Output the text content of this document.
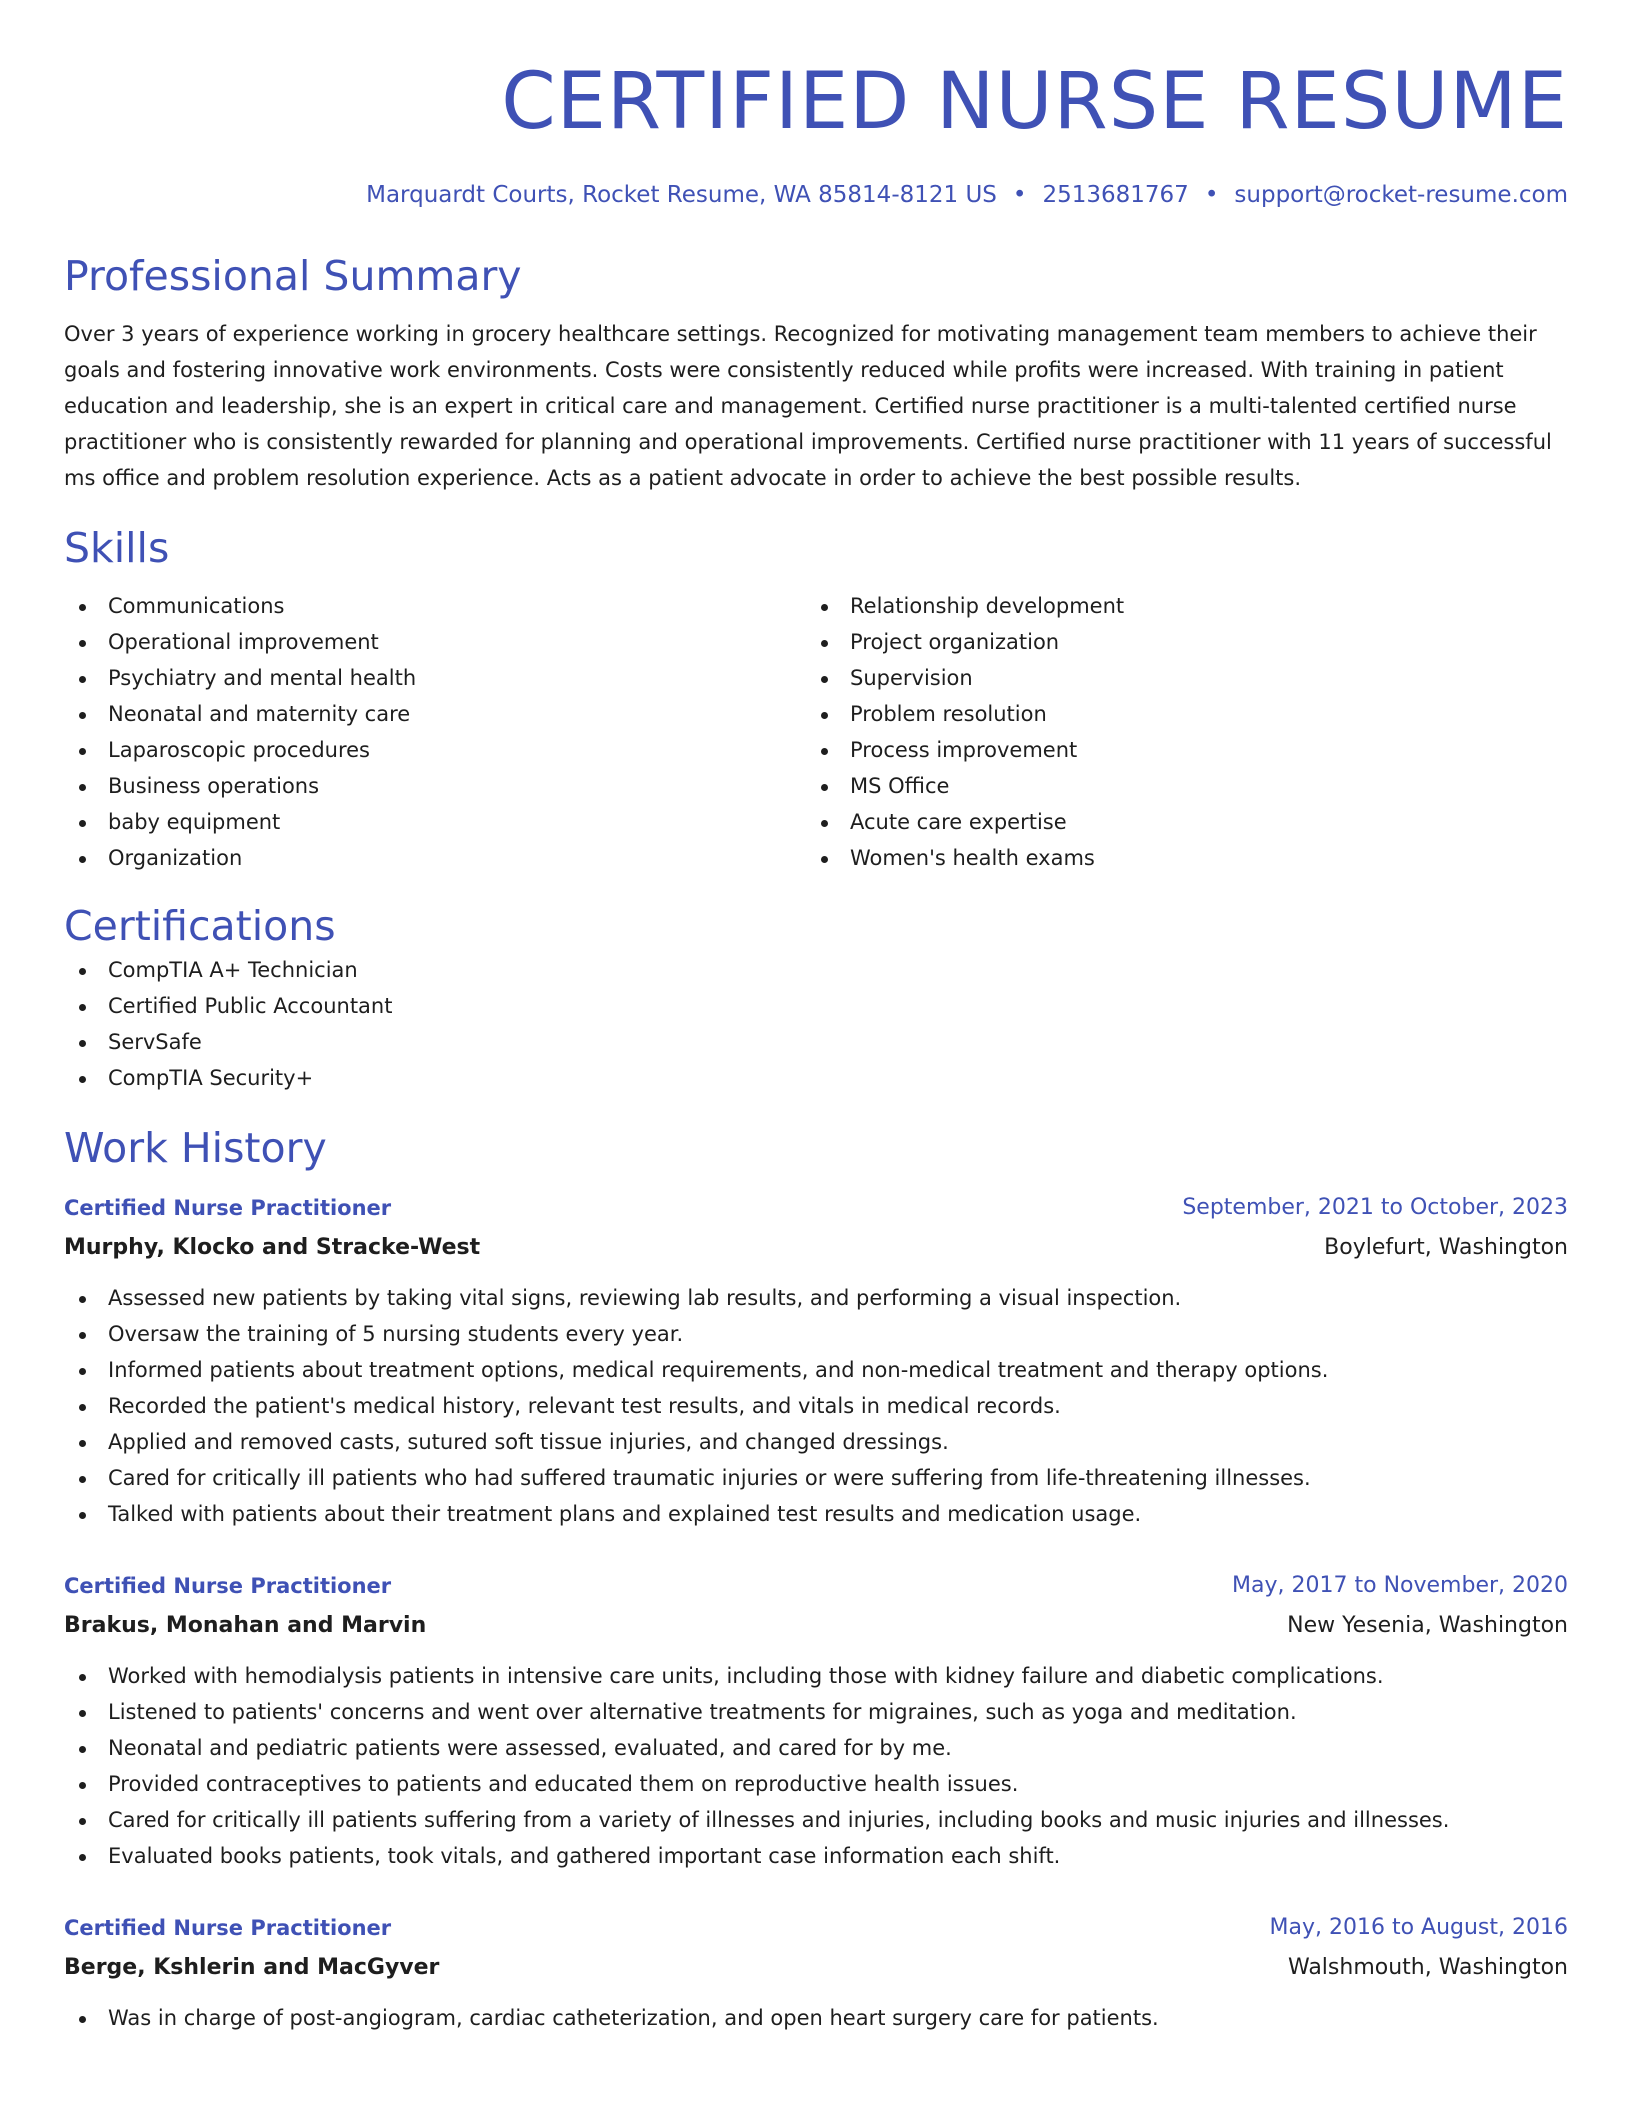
CERTIFIED NURSE RESUME
Marquardt Courts, Rocket Resume, WA 85814-8121 US • 2513681767 • support@rocket-resume.com
Professional Summary
Over 3 years of experience working in grocery healthcare settings. Recognized for motivating management team members to achieve their goals and fostering innovative work environments. Costs were consistently reduced while profits were increased. With training in patient education and leadership, she is an expert in critical care and management. Certified nurse practitioner is a multi-talented certified nurse practitioner who is consistently rewarded for planning and operational improvements. Certified nurse practitioner with 11 years of successful ms office and problem resolution experience. Acts as a patient advocate in order to achieve the best possible results.
Skills
Communications
Operational improvement
Psychiatry and mental health
Neonatal and maternity care
Laparoscopic procedures
Business operations
baby equipment
Organization
Relationship development
Project organization
Supervision
Problem resolution
Process improvement
MS Office
Acute care expertise
Women's health exams
Certifications
CompTIA A+ Technician
Certified Public Accountant
ServSafe
CompTIA Security+
Work History
Certified Nurse Practitioner	September, 2021 to October, 2023
Murphy, Klocko and Stracke-West	Boylefurt, Washington
Assessed new patients by taking vital signs, reviewing lab results, and performing a visual inspection.
Oversaw the training of 5 nursing students every year.
Informed patients about treatment options, medical requirements, and non-medical treatment and therapy options.
Recorded the patient's medical history, relevant test results, and vitals in medical records.
Applied and removed casts, sutured soft tissue injuries, and changed dressings.
Cared for critically ill patients who had suffered traumatic injuries or were suffering from life-threatening illnesses.
Talked with patients about their treatment plans and explained test results and medication usage.
Certified Nurse Practitioner	May, 2017 to November, 2020
Brakus, Monahan and Marvin	New Yesenia, Washington
Worked with hemodialysis patients in intensive care units, including those with kidney failure and diabetic complications.
Listened to patients' concerns and went over alternative treatments for migraines, such as yoga and meditation.
Neonatal and pediatric patients were assessed, evaluated, and cared for by me.
Provided contraceptives to patients and educated them on reproductive health issues.
Cared for critically ill patients suffering from a variety of illnesses and injuries, including books and music injuries and illnesses.
Evaluated books patients, took vitals, and gathered important case information each shift.
Certified Nurse Practitioner	May, 2016 to August, 2016
Berge, Kshlerin and MacGyver	Walshmouth, Washington
Was in charge of post-angiogram, cardiac catheterization, and open heart surgery care for patients.
